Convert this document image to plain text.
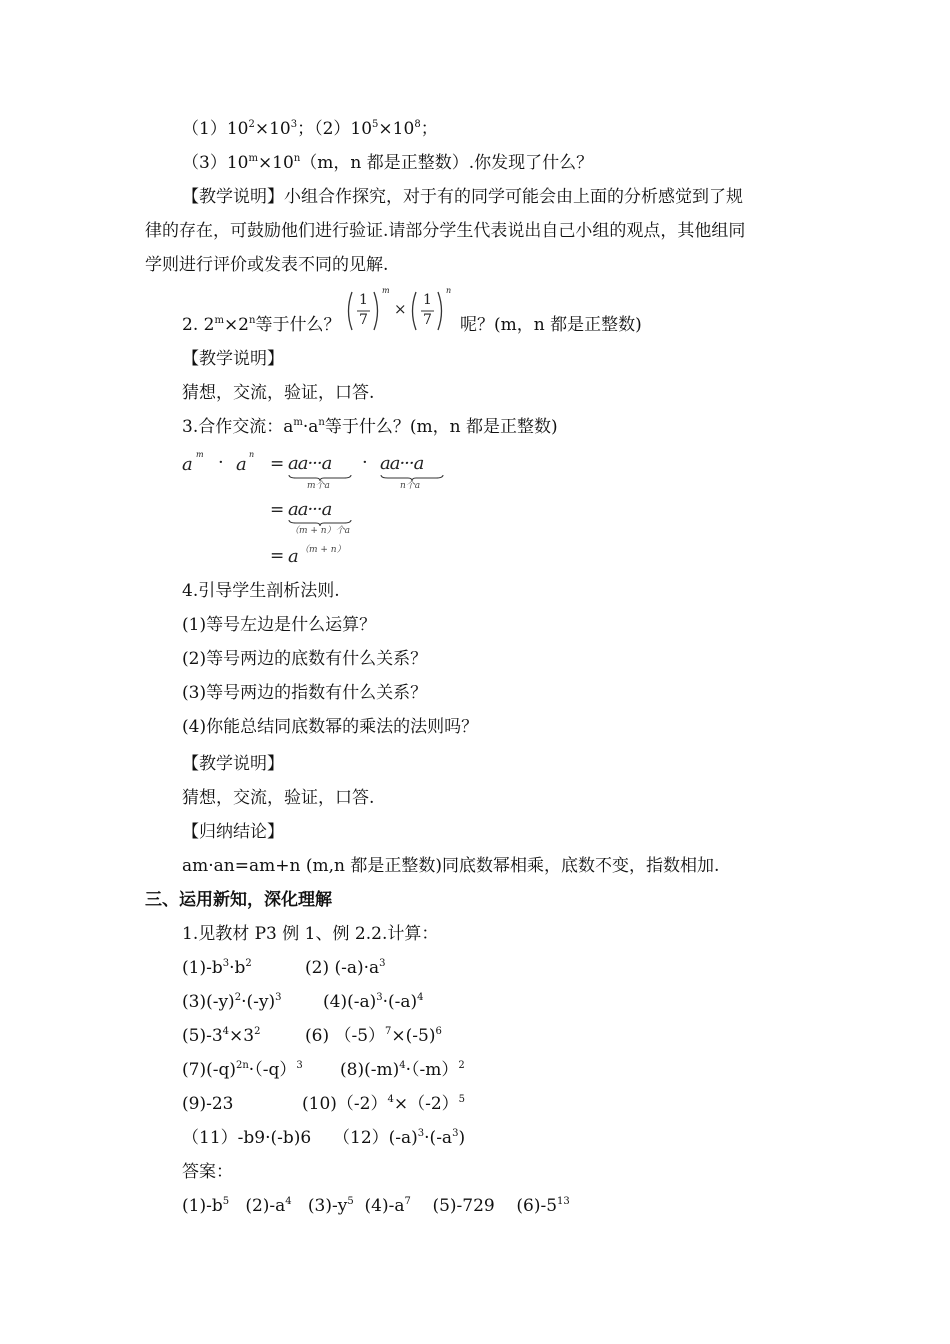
$(1)10^2\times 10^3$；$(2)10^5\times 10^8$；
$(3)10^m\times 10^n(m$，n 都是正整数）.你发现了什么？
【教学说明】小组合作探究，对于有的同学可能会由上面的分析感觉到了规
律的存在，可鼓励他们进行验证.请部分学生代表说出自己小组的观点，其他组同
学则进行评价或发表不同的见解.
2. $2^m\times 2^n$等于什么？
1
7
m
× 1
7
n
呢？(m，n 都是正整数)
【教学说明】
猜想，交流，验证，口答.
3.合作交流：$a^m\cdot a^n$等于什么？(m，n 都是正整数)
a m · a n = aa···a
m个a
· aa···a
n个a
= aa···a
（m + n）个a
= a （m + n）
4.引导学生剖析法则.
(1)等号左边是什么运算？
(2)等号两边的底数有什么关系？
(3)等号两边的指数有什么关系？
(4)你能总结同底数幂的乘法的法则吗？
【教学说明】
猜想，交流，验证，口答.
【归纳结论】
am·an=am+n (m,n 都是正整数)同底数幂相乘，底数不变，指数相加.
三、运用新知，深化理解
1.见教材 P3 例 1、例 2.2.计算：
$(1)-b^3\cdot b^2$	(2) $(-a)\cdot a^3$
$(3)(-y)^2\cdot(-y)^3$ $(4)(-a)^3\cdot(-a)^4$
$(5)-3^4\times 3^2$	(6) $(-5)^7\times(-5)^6$
$(7)(-q)^{2n}\cdot(-q)^3$ $(8)(-m)^4\cdot(-m)^2$
(9)-23	$(10)(-2)^4\times(-2)^5$
（11）-b9·(-b)6 $(12)(-a)^3\cdot(-a^3)$
答案：
$(1)-b^5$ $(2)-a^4$ $(3)-y^5$ $(4)-a^7$ (5)-729 $(6)-5^{13}$
